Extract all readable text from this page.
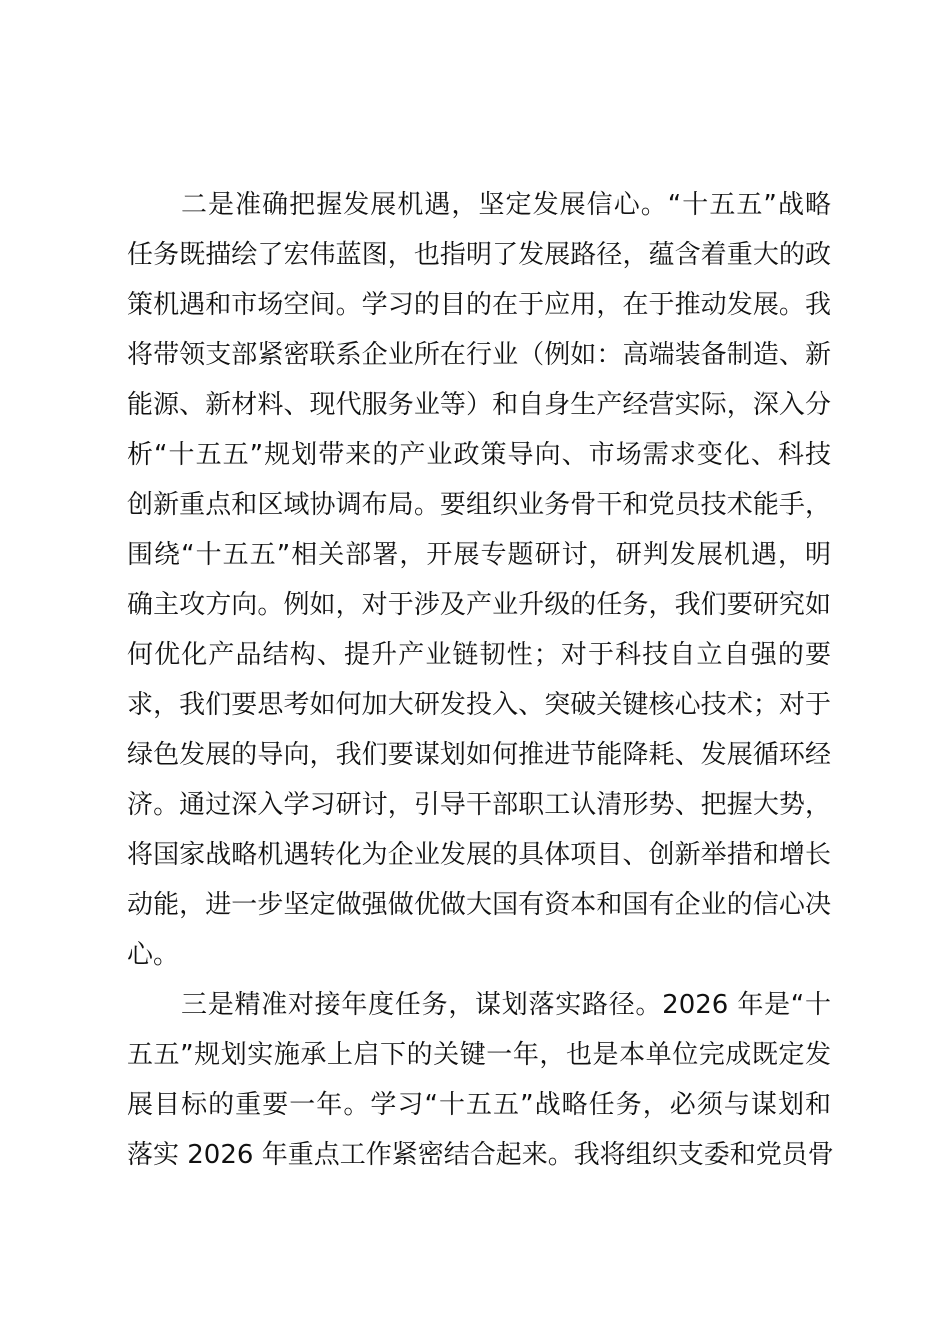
二是准确把握发展机遇，坚定发展信心。“十五五”战略
任务既描绘了宏伟蓝图，也指明了发展路径，蕴含着重大的政
策机遇和市场空间。学习的目的在于应用，在于推动发展。我
将带领支部紧密联系企业所在行业（例如：高端装备制造、新
能源、新材料、现代服务业等）和自身生产经营实际，深入分
析“十五五”规划带来的产业政策导向、市场需求变化、科技
创新重点和区域协调布局。要组织业务骨干和党员技术能手，
围绕“十五五”相关部署，开展专题研讨，研判发展机遇，明
确主攻方向。例如，对于涉及产业升级的任务，我们要研究如
何优化产品结构、提升产业链韧性；对于科技自立自强的要
求，我们要思考如何加大研发投入、突破关键核心技术；对于
绿色发展的导向，我们要谋划如何推进节能降耗、发展循环经
济。通过深入学习研讨，引导干部职工认清形势、把握大势，
将国家战略机遇转化为企业发展的具体项目、创新举措和增长
动能，进一步坚定做强做优做大国有资本和国有企业的信心决
心。
三是精准对接年度任务，谋划落实路径。2026 年是“十
五五”规划实施承上启下的关键一年，也是本单位完成既定发
展目标的重要一年。学习“十五五”战略任务，必须与谋划和
落实 2026 年重点工作紧密结合起来。我将组织支委和党员骨
